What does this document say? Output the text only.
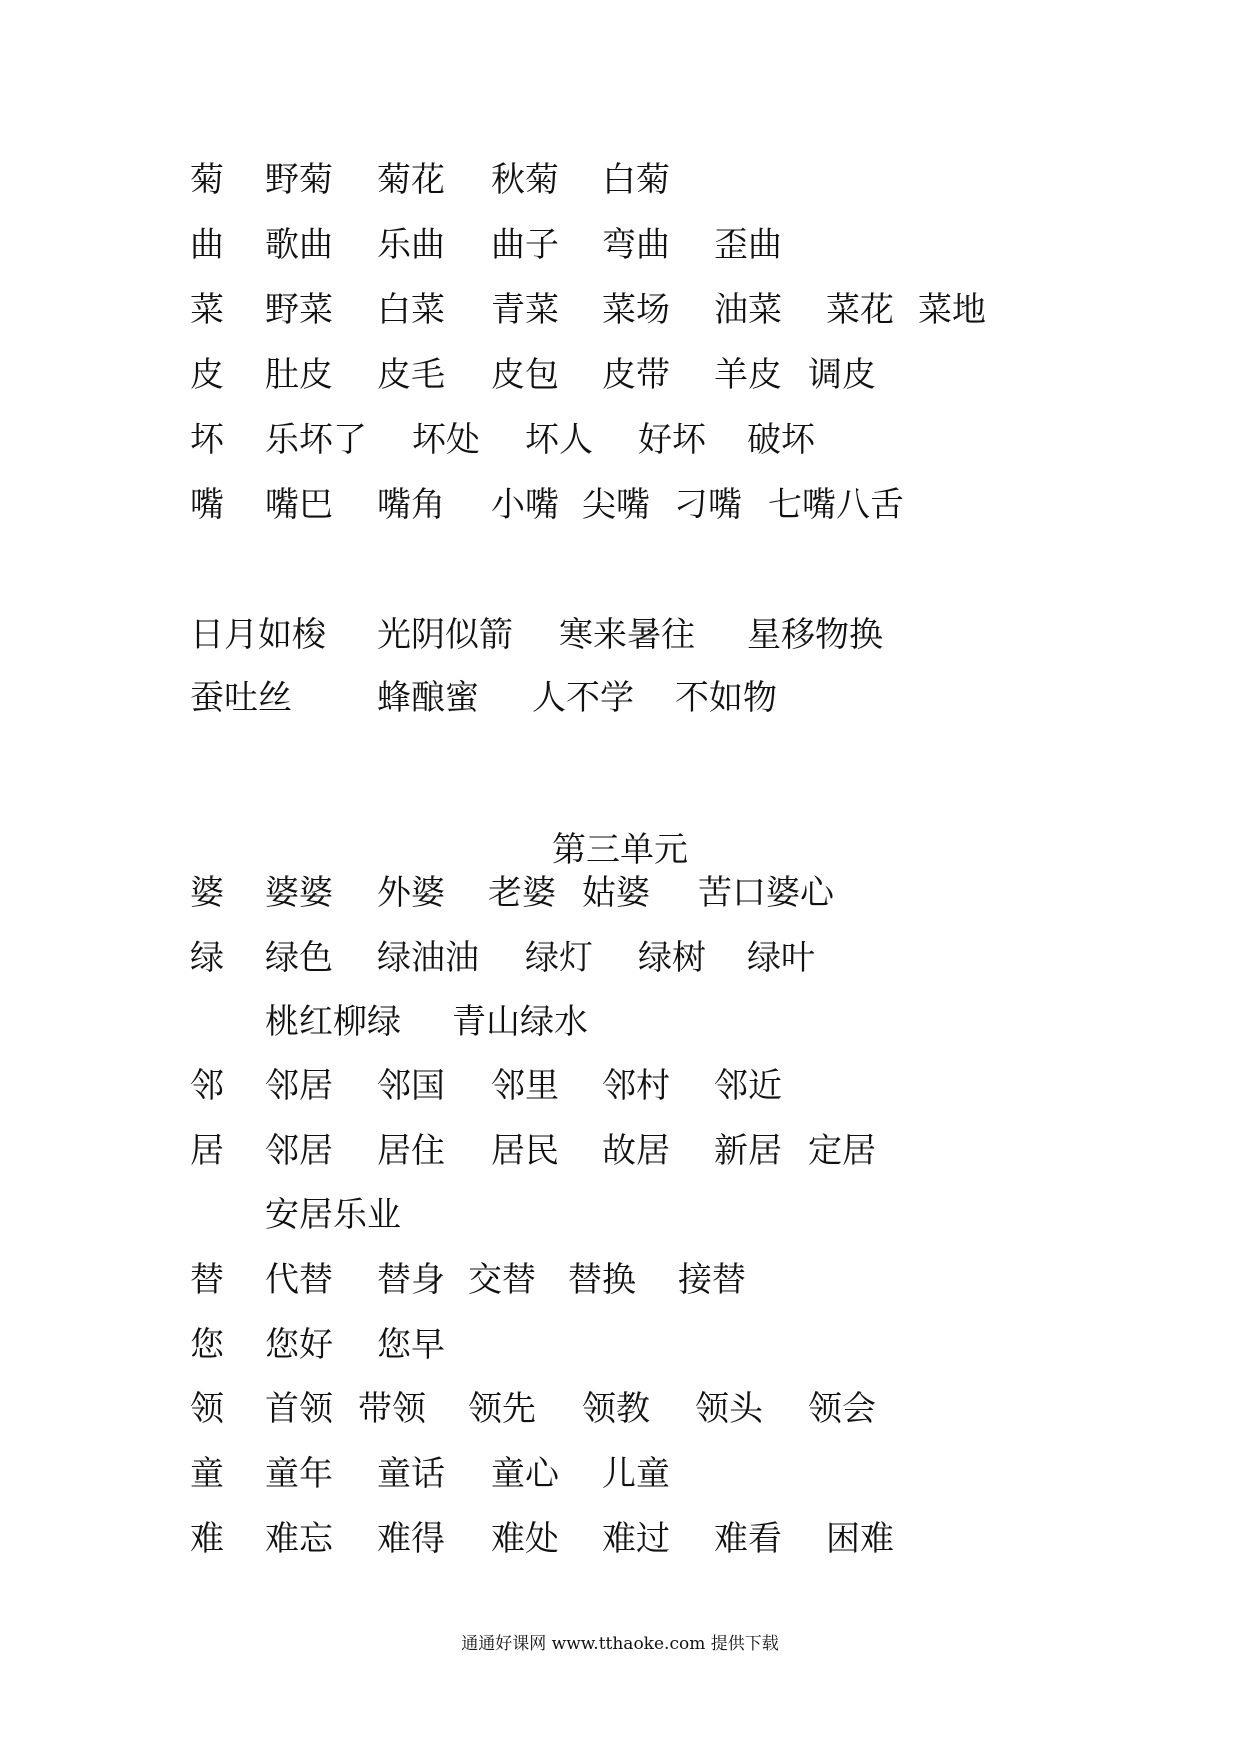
菊 野菊 菊花 秋菊 白菊
曲 歌曲 乐曲 曲子 弯曲 歪曲
菜 野菜 白菜 青菜 菜场 油菜 菜花 菜地
皮 肚皮 皮毛 皮包 皮带 羊皮 调皮
坏 乐坏了 坏处 坏人 好坏 破坏
嘴 嘴巴 嘴角 小嘴 尖嘴 刁嘴 七嘴八舌
日月如梭 光阴似箭 寒来暑往 星移物换
蚕吐丝	蜂酿蜜 人不学 不如物
第三单元
婆 婆婆 外婆 老婆 姑婆 苦口婆心
绿 绿色 绿油油 绿灯 绿树 绿叶
桃红柳绿 青山绿水
邻 邻居 邻国 邻里 邻村 邻近
居 邻居 居住 居民 故居 新居 定居
安居乐业
替 代替 替身 交替 替换 接替
您 您好 您早
领 首领 带领 领先 领教 领头 领会
童 童年 童话 童心 儿童
难 难忘 难得 难处 难过 难看 困难
通通好课网 www.tthaoke.com 提供下载
